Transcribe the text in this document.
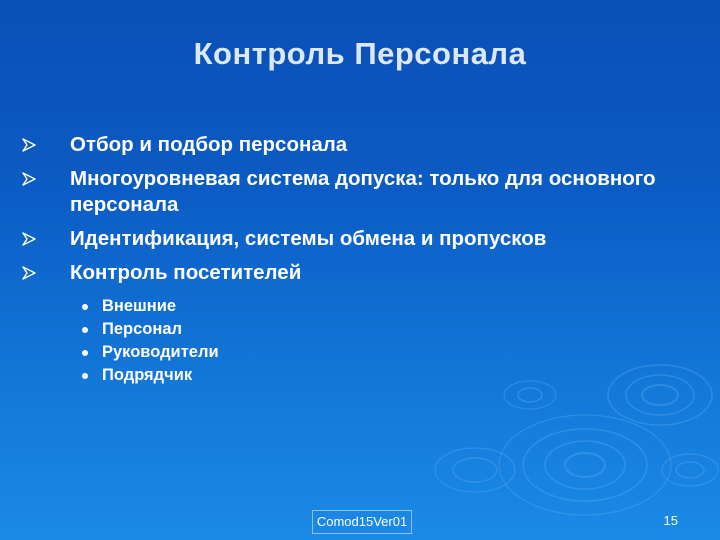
Контроль Персонала
Отбор и подбор персонала
Многоуровневая система допуска: только для основного персонала
Идентификация, системы обмена и пропусков
Контроль посетителей
Внешние
Персонал
Руководители
Подрядчик
Comod15Ver01	15
